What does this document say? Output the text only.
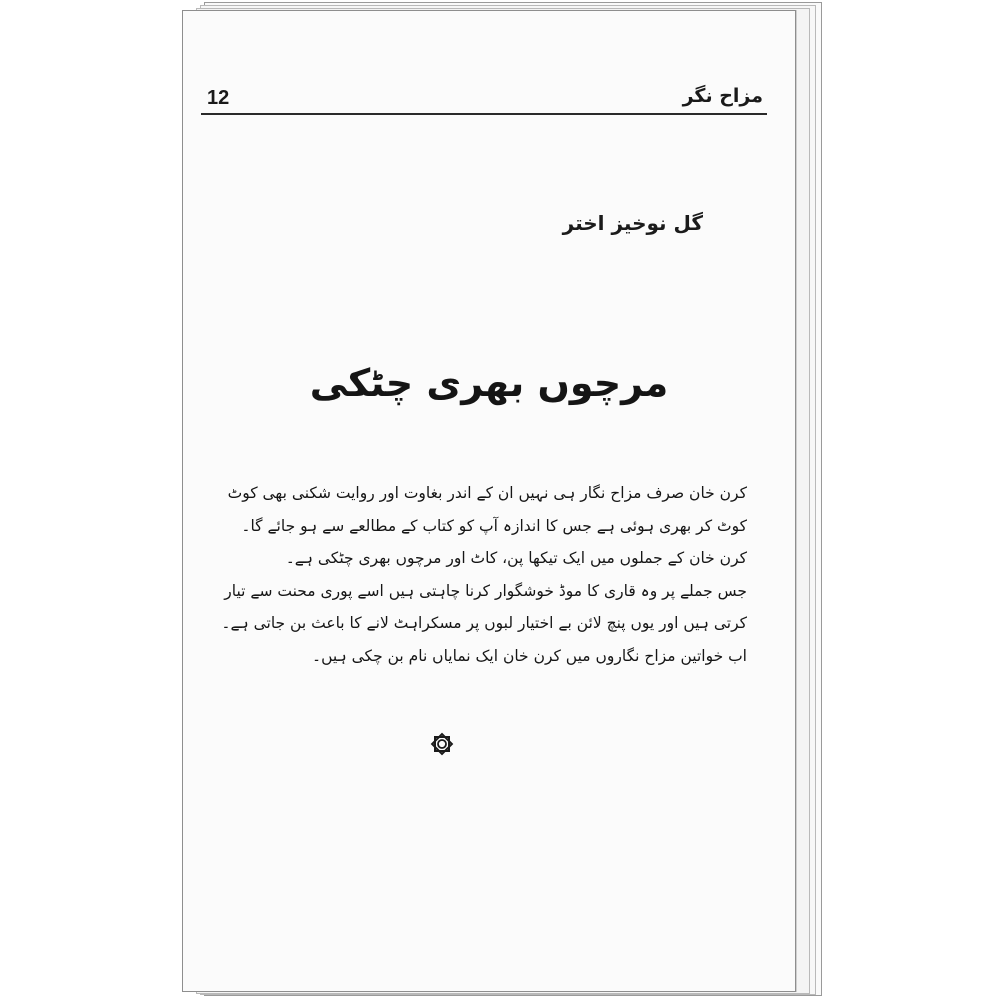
12	مزاح نگر
گل نوخیز اختر
مرچوں بھری چٹکی

کرن خان صرف مزاح نگار ہی نہیں ان کے اندر بغاوت اور روایت شکنی بھی کوٹ کوٹ کر بھری ہوئی ہے جس کا اندازہ آپ کو کتاب کے مطالعے سے ہو جائے گا۔

کرن خان کے جملوں میں ایک تیکھا پن، کاٹ اور مرچوں بھری چٹکی ہے۔

جس جملے پر وہ قاری کا موڈ خوشگوار کرنا چاہتی ہیں اسے پوری محنت سے تیار کرتی ہیں اور یوں پنچ لائن بے اختیار لبوں پر مسکراہٹ لانے کا باعث بن جاتی ہے۔

اب خواتین مزاح نگاروں میں کرن خان ایک نمایاں نام بن چکی ہیں۔
